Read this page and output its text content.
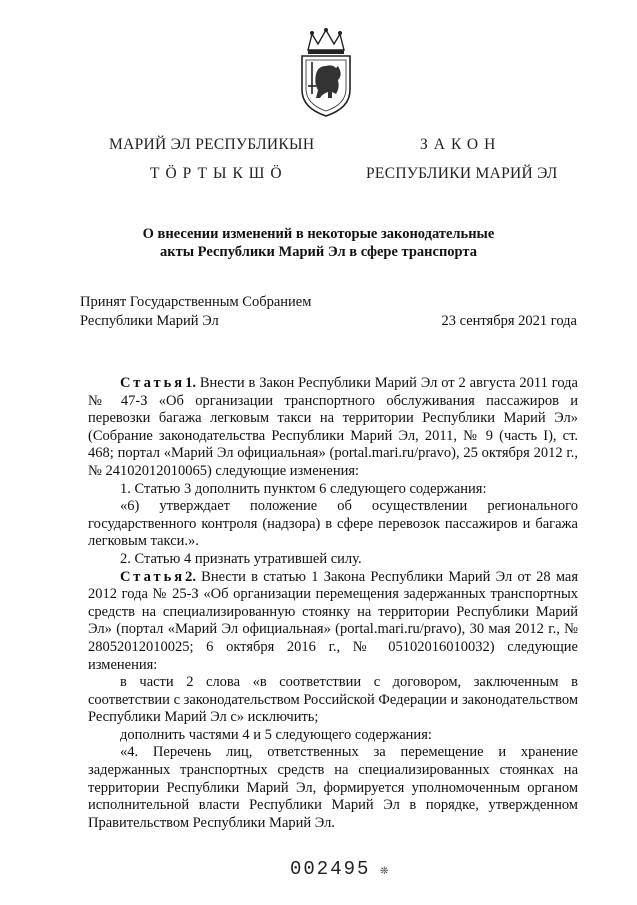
МАРИЙ ЭЛ РЕСПУБЛИКЫН
ТӦРТЫКШӦ
ЗАКОН
РЕСПУБЛИКИ МАРИЙ ЭЛ
О внесении изменений в некоторые законодательные
акты Республики Марий Эл в сфере транспорта
Принят Государственным Собранием
Республики Марий Эл	23 сентября 2021 года

Статья1. Внести в Закон Республики Марий Эл от 2 августа 2011 года № 47-З «Об организации транспортного обслуживания пассажиров и перевозки багажа легковым такси на территории Республики Марий Эл» (Собрание законодательства Республики Марий Эл, 2011, № 9 (часть I), ст. 468; портал «Марий Эл официальная» (portal.mari.ru/pravo), 25 октября 2012 г., № 24102012010065) следующие изменения:

1. Статью 3 дополнить пунктом 6 следующего содержания:

«6) утверждает положение об осуществлении регионального государственного контроля (надзора) в сфере перевозок пассажиров и багажа легковым такси.».

2. Статью 4 признать утратившей силу.

Статья2. Внести в статью 1 Закона Республики Марий Эл от 28 мая 2012 года № 25-З «Об организации перемещения задержанных транспортных средств на специализированную стоянку на территории Республики Марий Эл» (портал «Марий Эл официальная» (portal.mari.ru/pravo), 30 мая 2012 г., № 28052012010025; 6 октября 2016 г., № 05102016010032) следующие изменения:

в части 2 слова «в соответствии с договором, заключенным в соответствии с законодательством Российской Федерации и законодательством Республики Марий Эл с» исключить;

дополнить частями 4 и 5 следующего содержания:

«4. Перечень лиц, ответственных за перемещение и хранение задержанных транспортных средств на специализированных стоянках на территории Республики Марий Эл, формируется уполномоченным органом исполнительной власти Республики Марий Эл в порядке, утвержденном Правительством Республики Марий Эл.

002495 ❊
